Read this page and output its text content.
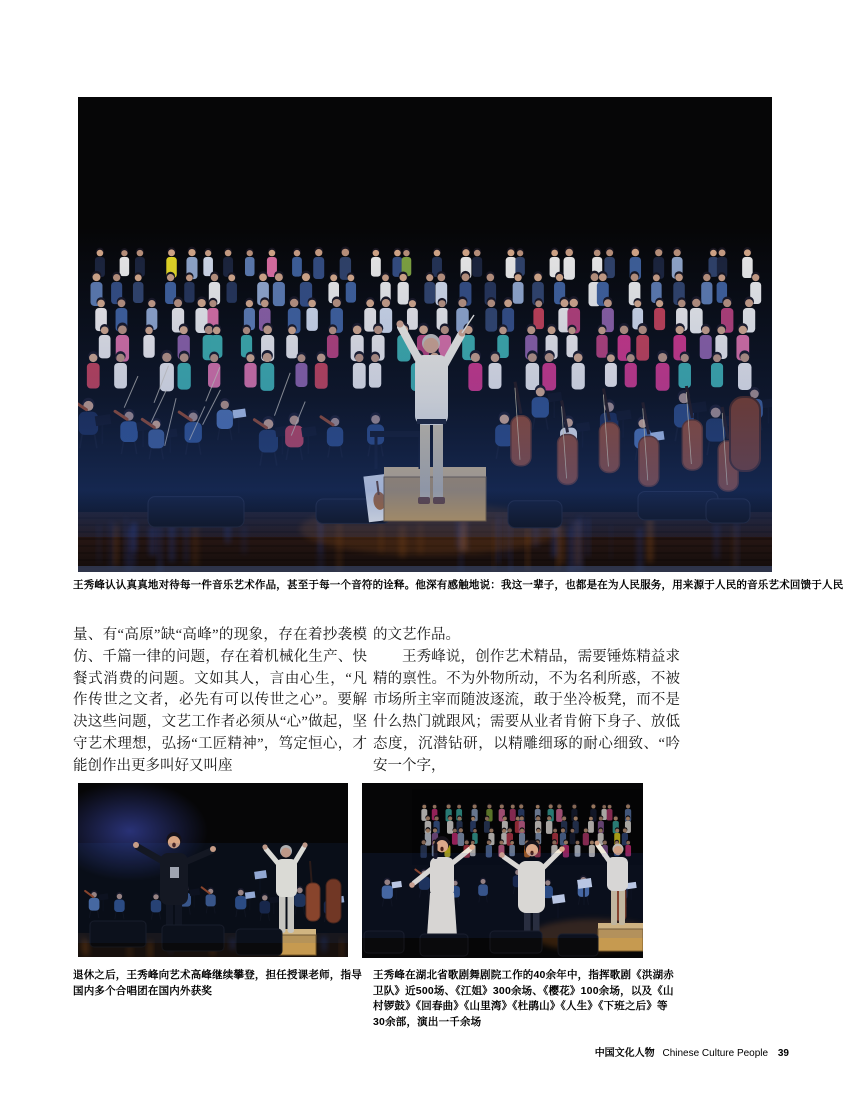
王秀峰认认真真地对待每一件音乐艺术作品，甚至于每一个音符的诠释。他深有感触地说：我这一辈子，也都是在为人民服务，用来源于人民的音乐艺术回馈于人民

量、有“高原”缺“高峰”的现象，存在着抄袭模仿、千篇一律的问题，存在着机械化生产、快餐式消费的问题。文如其人，言由心生，“凡作传世之文者，必先有可以传世之心”。要解决这些问题，文艺工作者必须从“心”做起，坚守艺术理想，弘扬“工匠精神”，笃定恒心，才能创作出更多叫好又叫座

的文艺作品。

王秀峰说，创作艺术精品，需要锤炼精益求精的禀性。不为外物所动，不为名利所惑，不被市场所主宰而随波逐流，敢于坐冷板凳，而不是什么热门就跟风；需要从业者肯俯下身子、放低态度，沉潜钻研，以精雕细琢的耐心细致、“吟安一个字，

退休之后，王秀峰向艺术高峰继续攀登，担任授课老师，指导国内多个合唱团在国内外获奖

王秀峰在湖北省歌剧舞剧院工作的40余年中，指挥歌剧《洪湖赤卫队》近500场、《江姐》300余场、《樱花》100余场，以及《山村锣鼓》《回春曲》《山里湾》《杜鹃山》《人生》《下班之后》等30余部，演出一千余场

中国文化人物 Chinese Culture People 39
